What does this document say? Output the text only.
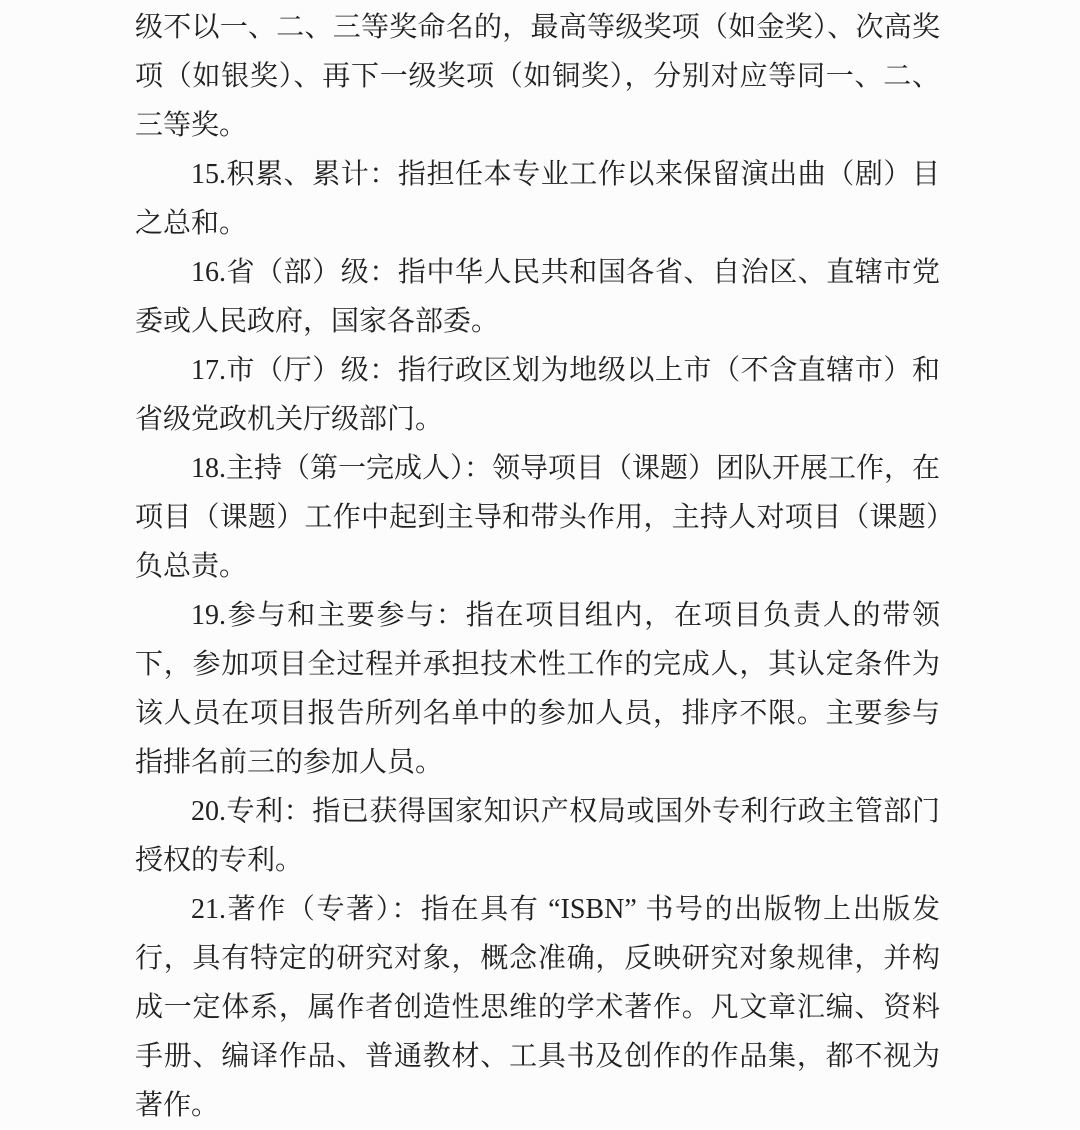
级不以一、二、三等奖命名的，最高等级奖项（如金奖）、次高奖项（如银奖）、再下一级奖项（如铜奖），分别对应等同一、二、三等奖。

15.积累、累计：指担任本专业工作以来保留演出曲（剧）目之总和。

16.省（部）级：指中华人民共和国各省、自治区、直辖市党委或人民政府，国家各部委。

17.市（厅）级：指行政区划为地级以上市（不含直辖市）和省级党政机关厅级部门。

18.主持（第一完成人）：领导项目（课题）团队开展工作，在项目（课题）工作中起到主导和带头作用，主持人对项目（课题）负总责。

19.参与和主要参与：指在项目组内，在项目负责人的带领下，参加项目全过程并承担技术性工作的完成人，其认定条件为该人员在项目报告所列名单中的参加人员，排序不限。主要参与指排名前三的参加人员。

20.专利：指已获得国家知识产权局或国外专利行政主管部门授权的专利。

21.著作（专著）：指在具有 “ISBN” 书号的出版物上出版发行，具有特定的研究对象，概念准确，反映研究对象规律，并构成一定体系，属作者创造性思维的学术著作。凡文章汇编、资料手册、编译作品、普通教材、工具书及创作的作品集，都不视为著作。
